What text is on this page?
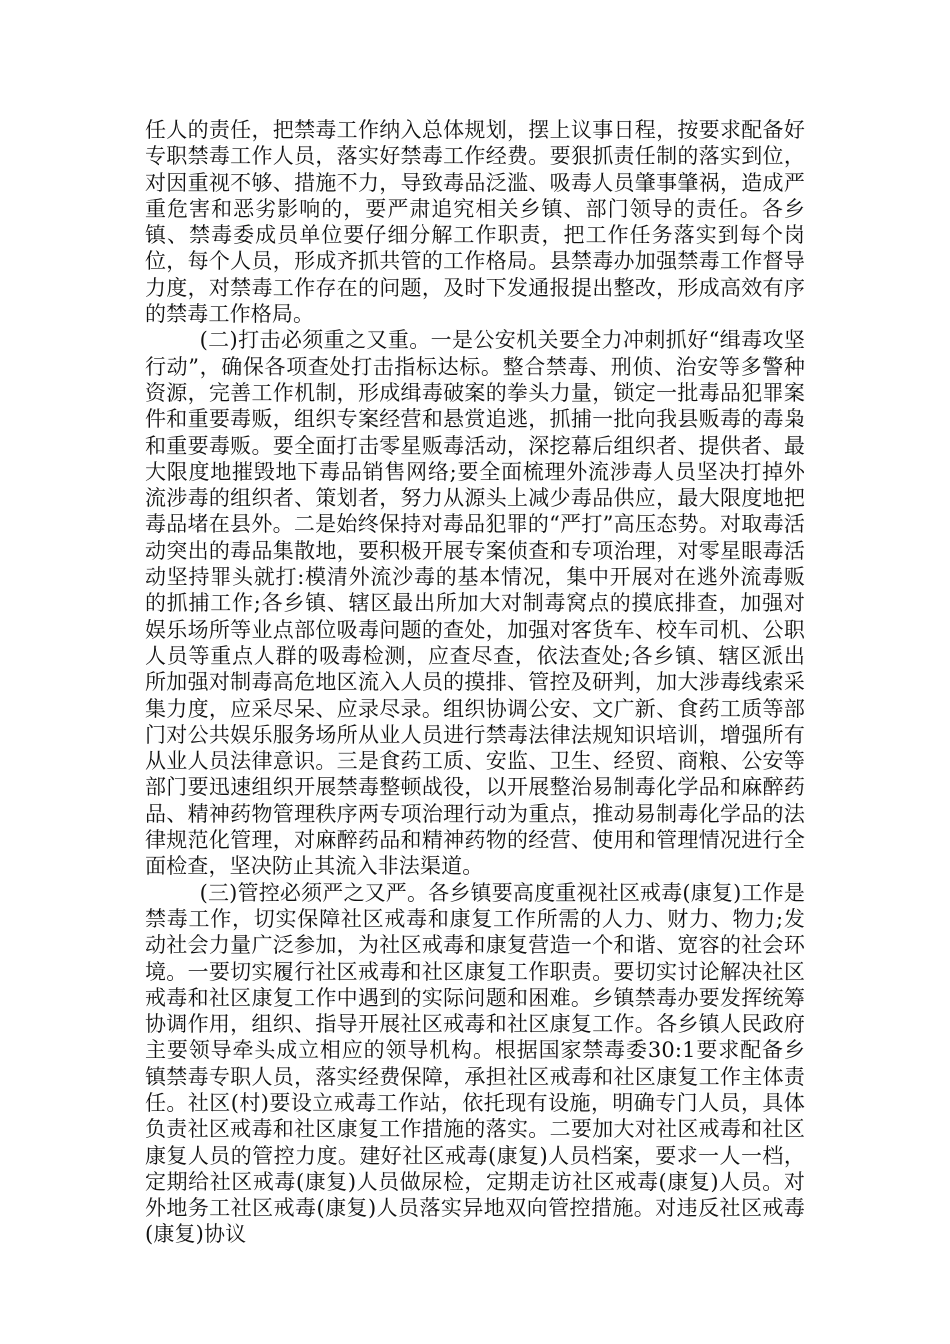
任人的责任，把禁毒工作纳入总体规划，摆上议事日程，按要求配备好专职禁毒工作人员，落实好禁毒工作经费。要狠抓责任制的落实到位，对因重视不够、措施不力，导致毒品泛滥、吸毒人员肇事肇祸，造成严重危害和恶劣影响的，要严肃追究相关乡镇、部门领导的责任。各乡镇、禁毒委成员单位要仔细分解工作职责，把工作任务落实到每个岗位，每个人员，形成齐抓共管的工作格局。县禁毒办加强禁毒工作督导力度，对禁毒工作存在的问题，及时下发通报提出整改，形成高效有序的禁毒工作格局。

(二)打击必须重之又重。一是公安机关要全力冲刺抓好“缉毒攻坚行动”，确保各项查处打击指标达标。整合禁毒、刑侦、治安等多警种资源，完善工作机制，形成缉毒破案的拳头力量，锁定一批毒品犯罪案件和重要毒贩，组织专案经营和悬赏追逃，抓捕一批向我县贩毒的毒枭和重要毒贩。要全面打击零星贩毒活动，深挖幕后组织者、提供者、最大限度地摧毁地下毒品销售网络;要全面梳理外流涉毒人员坚决打掉外流涉毒的组织者、策划者，努力从源头上减少毒品供应，最大限度地把毒品堵在县外。二是始终保持对毒品犯罪的“严打”高压态势。对取毒活动突出的毒品集散地，要积极开展专案侦查和专项治理，对零星眼毒活动坚持罪头就打:模清外流沙毒的基本情况，集中开展对在逃外流毒贩的抓捕工作;各乡镇、辖区最出所加大对制毒窝点的摸底排查，加强对娱乐场所等业点部位吸毒问题的查处，加强对客货车、校车司机、公职人员等重点人群的吸毒检测，应查尽查，依法查处;各乡镇、辖区派出所加强对制毒高危地区流入人员的摸排、管控及研判，加大涉毒线索采集力度，应采尽呆、应录尽录。组织协调公安、文广新、食药工质等部门对公共娱乐服务场所从业人员进行禁毒法律法规知识培训，增强所有从业人员法律意识。三是食药工质、安监、卫生、经贸、商粮、公安等部门要迅速组织开展禁毒整顿战役，以开展整治易制毒化学品和麻醉药品、精神药物管理秩序两专项治理行动为重点，推动易制毒化学品的法律规范化管理，对麻醉药品和精神药物的经营、使用和管理情况进行全面检查，坚决防止其流入非法渠道。

(三)管控必须严之又严。各乡镇要高度重视社区戒毒(康复)工作是禁毒工作，切实保障社区戒毒和康复工作所需的人力、财力、物力;发动社会力量广泛参加，为社区戒毒和康复营造一个和谐、宽容的社会环境。一要切实履行社区戒毒和社区康复工作职责。要切实讨论解决社区戒毒和社区康复工作中遇到的实际问题和困难。乡镇禁毒办要发挥统筹协调作用，组织、指导开展社区戒毒和社区康复工作。各乡镇人民政府主要领导牵头成立相应的领导机构。根据国家禁毒委30:1要求配备乡镇禁毒专职人员，落实经费保障，承担社区戒毒和社区康复工作主体责任。社区(村)要设立戒毒工作站，依托现有设施，明确专门人员，具体负责社区戒毒和社区康复工作措施的落实。二要加大对社区戒毒和社区康复人员的管控力度。建好社区戒毒(康复)人员档案，要求一人一档，定期给社区戒毒(康复)人员做尿检，定期走访社区戒毒(康复)人员。对外地务工社区戒毒(康复)人员落实异地双向管控措施。对违反社区戒毒(康复)协议
